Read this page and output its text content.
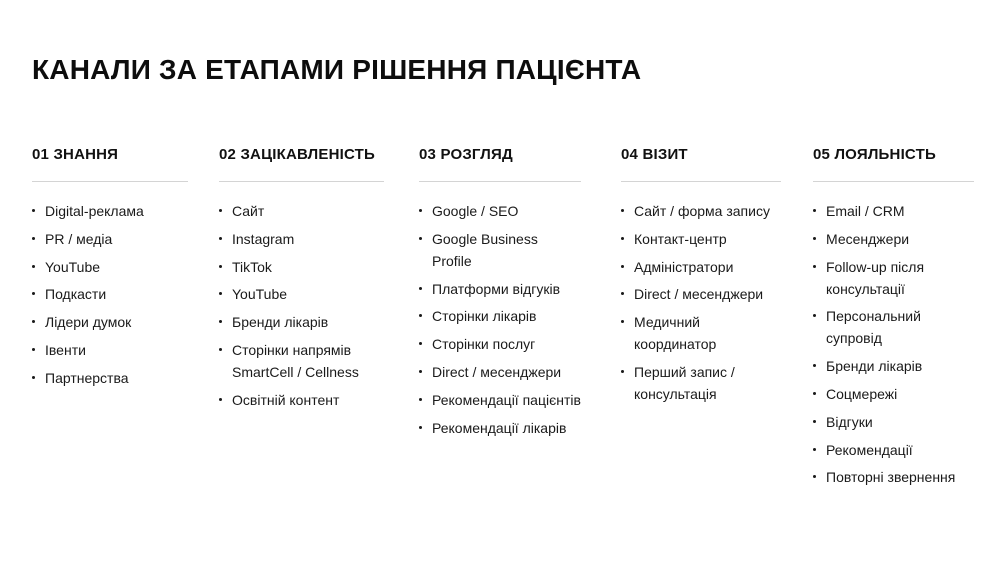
КАНАЛИ ЗА ЕТАПАМИ РІШЕННЯ ПАЦІЄНТА
01 ЗНАННЯ
Digital-реклама
PR / медіа
YouTube
Подкасти
Лідери думок
Івенти
Партнерства
02 ЗАЦІКАВЛЕНІСТЬ
Сайт
Instagram
TikTok
YouTube
Бренди лікарів
Сторінки напрямів SmartCell / Cellness
Освітній контент
03 РОЗГЛЯД
Google / SEO
Google Business Profile
Платформи відгуків
Сторінки лікарів
Сторінки послуг
Direct / месенджери
Рекомендації пацієнтів
Рекомендації лікарів
04 ВІЗИТ
Сайт / форма запису
Контакт-центр
Адміністратори
Direct / месенджери
Медичний координатор
Перший запис / консультація
05 ЛОЯЛЬНІСТЬ
Email / CRM
Месенджери
Follow-up після консультації
Персональний супровід
Бренди лікарів
Соцмережі
Відгуки
Рекомендації
Повторні звернення
